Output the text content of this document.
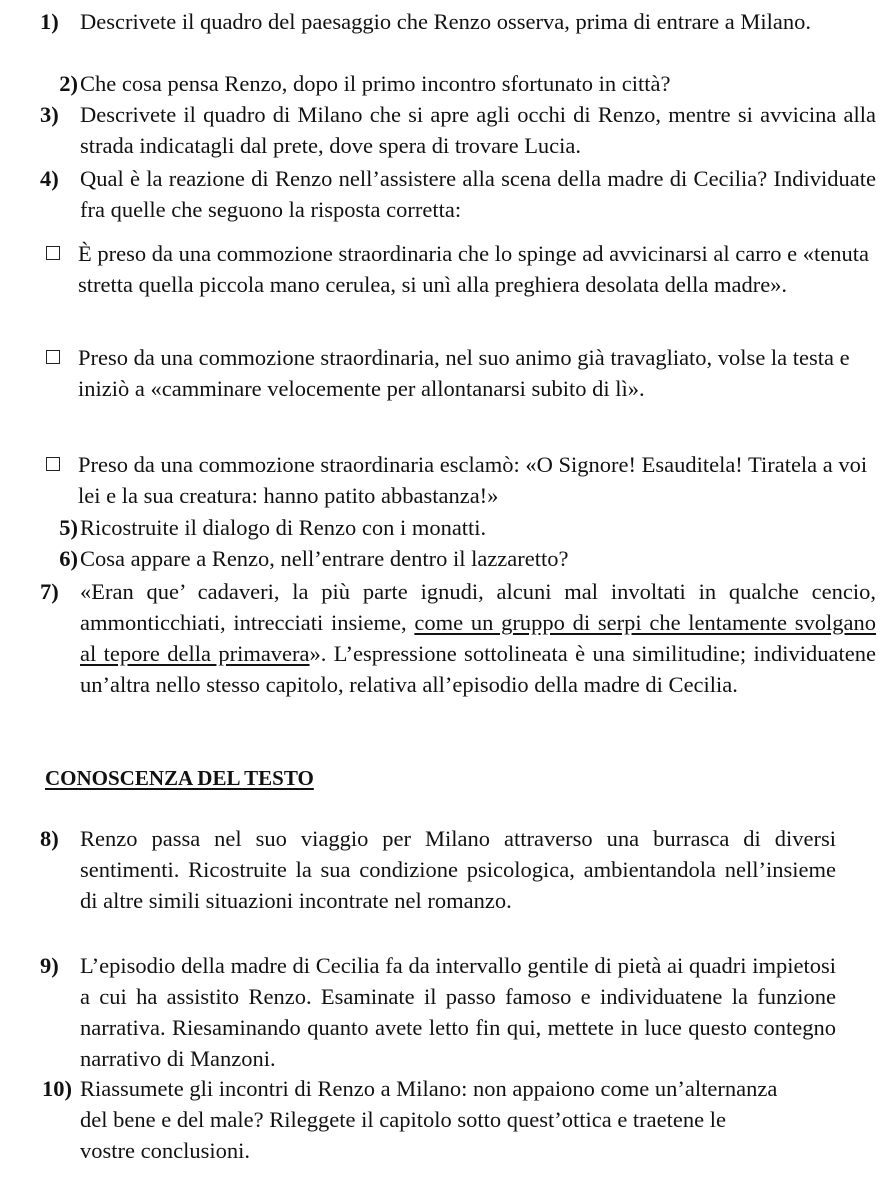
1) Descrivete il quadro del paesaggio che Renzo osserva, prima di entrare a Milano.
2) Che cosa pensa Renzo, dopo il primo incontro sfortunato in città?
3) Descrivete il quadro di Milano che si apre agli occhi di Renzo, mentre si avvicina alla strada indicatagli dal prete, dove spera di trovare Lucia.
4) Qual è la reazione di Renzo nell’assistere alla scena della madre di Cecilia? Individuate fra quelle che seguono la risposta corretta:
È preso da una commozione straordinaria che lo spinge ad avvicinarsi al carro e «tenuta stretta quella piccola mano cerulea, si unì alla preghiera desolata della madre».
Preso da una commozione straordinaria, nel suo animo già travagliato, volse la testa e iniziò a «camminare velocemente per allontanarsi subito di lì».
Preso da una commozione straordinaria esclamò: «O Signore! Esauditela! Tiratela a voi lei e la sua creatura: hanno patito abbastanza!»
5) Ricostruite il dialogo di Renzo con i monatti.
6) Cosa appare a Renzo, nell’entrare dentro il lazzaretto?
7) «Eran que’ cadaveri, la più parte ignudi, alcuni mal involtati in qualche cencio, ammonticchiati, intrecciati insieme, come un gruppo di serpi che lentamente svolgano al tepore della primavera». L’espressione sottolineata è una similitudine; individuatene un’altra nello stesso capitolo, relativa all’episodio della madre di Cecilia.
CONOSCENZA DEL TESTO
8) Renzo passa nel suo viaggio per Milano attraverso una burrasca di diversi sentimenti. Ricostruite la sua condizione psicologica, ambientandola nell’insieme di altre simili situazioni incontrate nel romanzo.
9) L’episodio della madre di Cecilia fa da intervallo gentile di pietà ai quadri impietosi a cui ha assistito Renzo. Esaminate il passo famoso e individuatene la funzione narrativa. Riesaminando quanto avete letto fin qui, mettete in luce questo contegno narrativo di Manzoni.
10) Riassumete gli incontri di Renzo a Milano: non appaiono come un’alternanza del bene e del male? Rileggete il capitolo sotto quest’ottica e traetene le vostre conclusioni.
